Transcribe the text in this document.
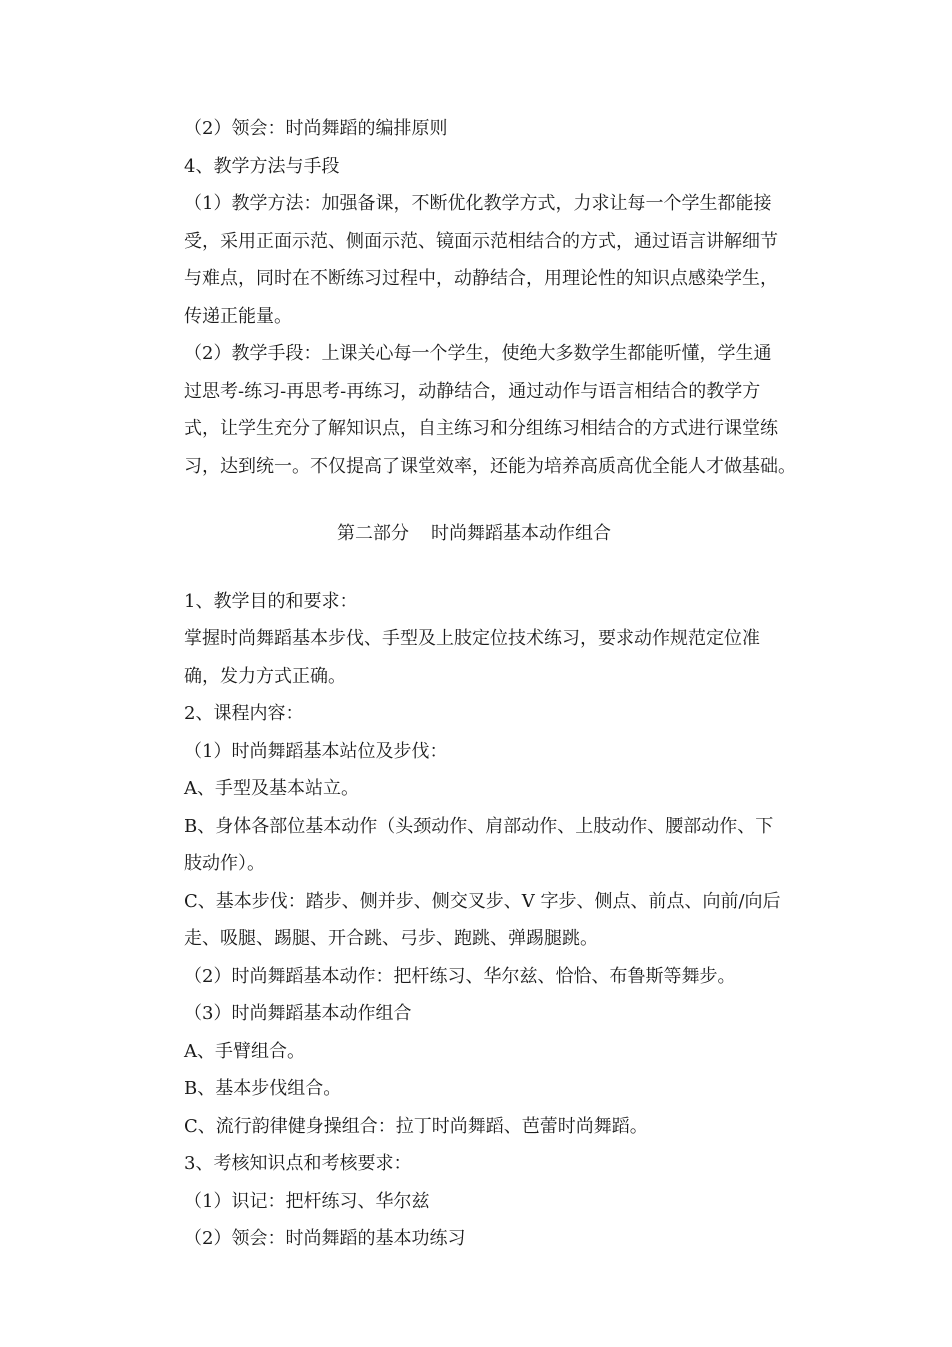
（2）领会：时尚舞蹈的编排原则

4、教学方法与手段

（1）教学方法：加强备课，不断优化教学方式，力求让每一个学生都能接

受，采用正面示范、侧面示范、镜面示范相结合的方式，通过语言讲解细节

与难点，同时在不断练习过程中，动静结合，用理论性的知识点感染学生，

传递正能量。

（2）教学手段：上课关心每一个学生，使绝大多数学生都能听懂，学生通

过思考-练习-再思考-再练习，动静结合，通过动作与语言相结合的教学方

式，让学生充分了解知识点，自主练习和分组练习相结合的方式进行课堂练

习，达到统一。不仅提高了课堂效率，还能为培养高质高优全能人才做基础。

第二部分 时尚舞蹈基本动作组合

1、教学目的和要求：

掌握时尚舞蹈基本步伐、手型及上肢定位技术练习，要求动作规范定位准

确，发力方式正确。

2、课程内容：

（1）时尚舞蹈基本站位及步伐：

A、手型及基本站立。

B、身体各部位基本动作（头颈动作、肩部动作、上肢动作、腰部动作、下

肢动作）。

C、基本步伐：踏步、侧并步、侧交叉步、V 字步、侧点、前点、向前/向后

走、吸腿、踢腿、开合跳、弓步、跑跳、弹踢腿跳。

（2）时尚舞蹈基本动作：把杆练习、华尔兹、恰恰、布鲁斯等舞步。

（3）时尚舞蹈基本动作组合

A、手臂组合。

B、基本步伐组合。

C、流行韵律健身操组合：拉丁时尚舞蹈、芭蕾时尚舞蹈。

3、考核知识点和考核要求：

（1）识记：把杆练习、华尔兹

（2）领会：时尚舞蹈的基本功练习
